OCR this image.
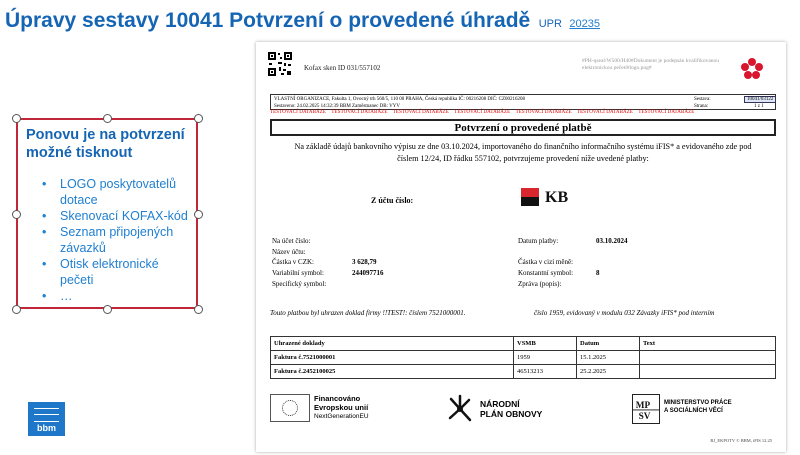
Úpravy sestavy 10041 Potvrzení o provedené úhradě UPR 20235
Ponovu je na potvrzení možné tisknout
• LOGO poskytovatelů dotace
• Skenovací KOFAX-kód
• Seznam připojených závazků
• Otisk elektronické pečeti
• …
bbm
Kofax sken ID 031/557102
#PH-qseal/W500/H40#Dokument je podepsán kvalifikovanou elektronickou pečetí#logo.png#
VLASTNÍ ORGANIZACE, Fakulta 1, Ovocný trh 560/5, 110 00 PRAHA, Česká republika IČ: 00216208 DIČ: CZ00216208
Sestaveno: 24.02.2025 14:32:39 BBM Zaměstnanec DB: VYV
Sestava:	10041/03122
Strana:	1 z 1
TESTOVACÍ DATABÁZE TESTOVACÍ DATABÁZE TESTOVACÍ DATABÁZE TESTOVACÍ DATABÁZE TESTOVACÍ DATABÁZE TESTOVACÍ DATABÁZE TESTOVACÍ DATABÁZE
Potvrzení o provedené platbě
Na základě údajů bankovního výpisu ze dne 03.10.2024, importovaného do finančního informačního systému iFIS* a evidovaného zde pod číslem 12/24, ID řádku 557102, potvrzujeme provedení níže uvedené platby:
Z účtu číslo:	KB
Na účet číslo:
Název účtu:
Částka v CZK:	3 628,79
Variabilní symbol:	244097716
Specifický symbol:
Datum platby:	03.10.2024
Částka v cizí měně:
Konstantní symbol:	8
Zpráva (popis):
Touto platbou byl uhrazen doklad firmy !!TEST!: číslem 7521000001.	číslo 1959, evidovaný v modulu 032 Závazky iFIS* pod interním
Uhrazené doklady	VSMB	Datum	Text
Faktura č.7521000001	1959	15.1.2025	
Faktura č.2452100025	46513213	25.2.2025	
Financováno
Evropskou unií
NextGenerationEU
NÁRODNÍ
PLÁN OBNOVY
MP
SV
MINISTERSTVO PRÁCE
A SOCIÁLNÍCH VĚCÍ
RJ_EKPOTV © BBM, iFIS 12.25
